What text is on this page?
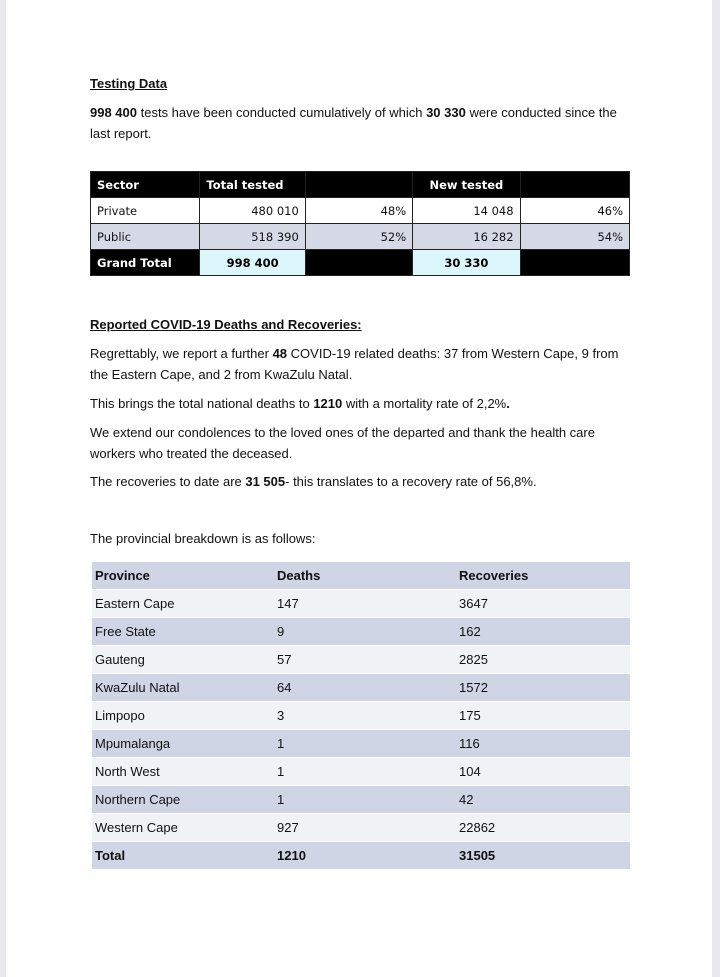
Testing Data
998 400 tests have been conducted cumulatively of which 30 330 were conducted since the last report.
Sector	Total tested		New tested	
Private	480 010	48%	14 048	46%
Public	518 390	52%	16 282	54%
Grand Total	998 400		30 330	
Reported COVID-19 Deaths and Recoveries:
Regrettably, we report a further 48 COVID-19 related deaths: 37 from Western Cape, 9 from the Eastern Cape, and 2 from KwaZulu Natal.
This brings the total national deaths to 1210 with a mortality rate of 2,2%.
We extend our condolences to the loved ones of the departed and thank the health care workers who treated the deceased.
The recoveries to date are 31 505- this translates to a recovery rate of 56,8%.
The provincial breakdown is as follows:
Province	Deaths	Recoveries
Eastern Cape	147	3647
Free State	9	162
Gauteng	57	2825
KwaZulu Natal	64	1572
Limpopo	3	175
Mpumalanga	1	116
North West	1	104
Northern Cape	1	42
Western Cape	927	22862
Total	1210	31505
